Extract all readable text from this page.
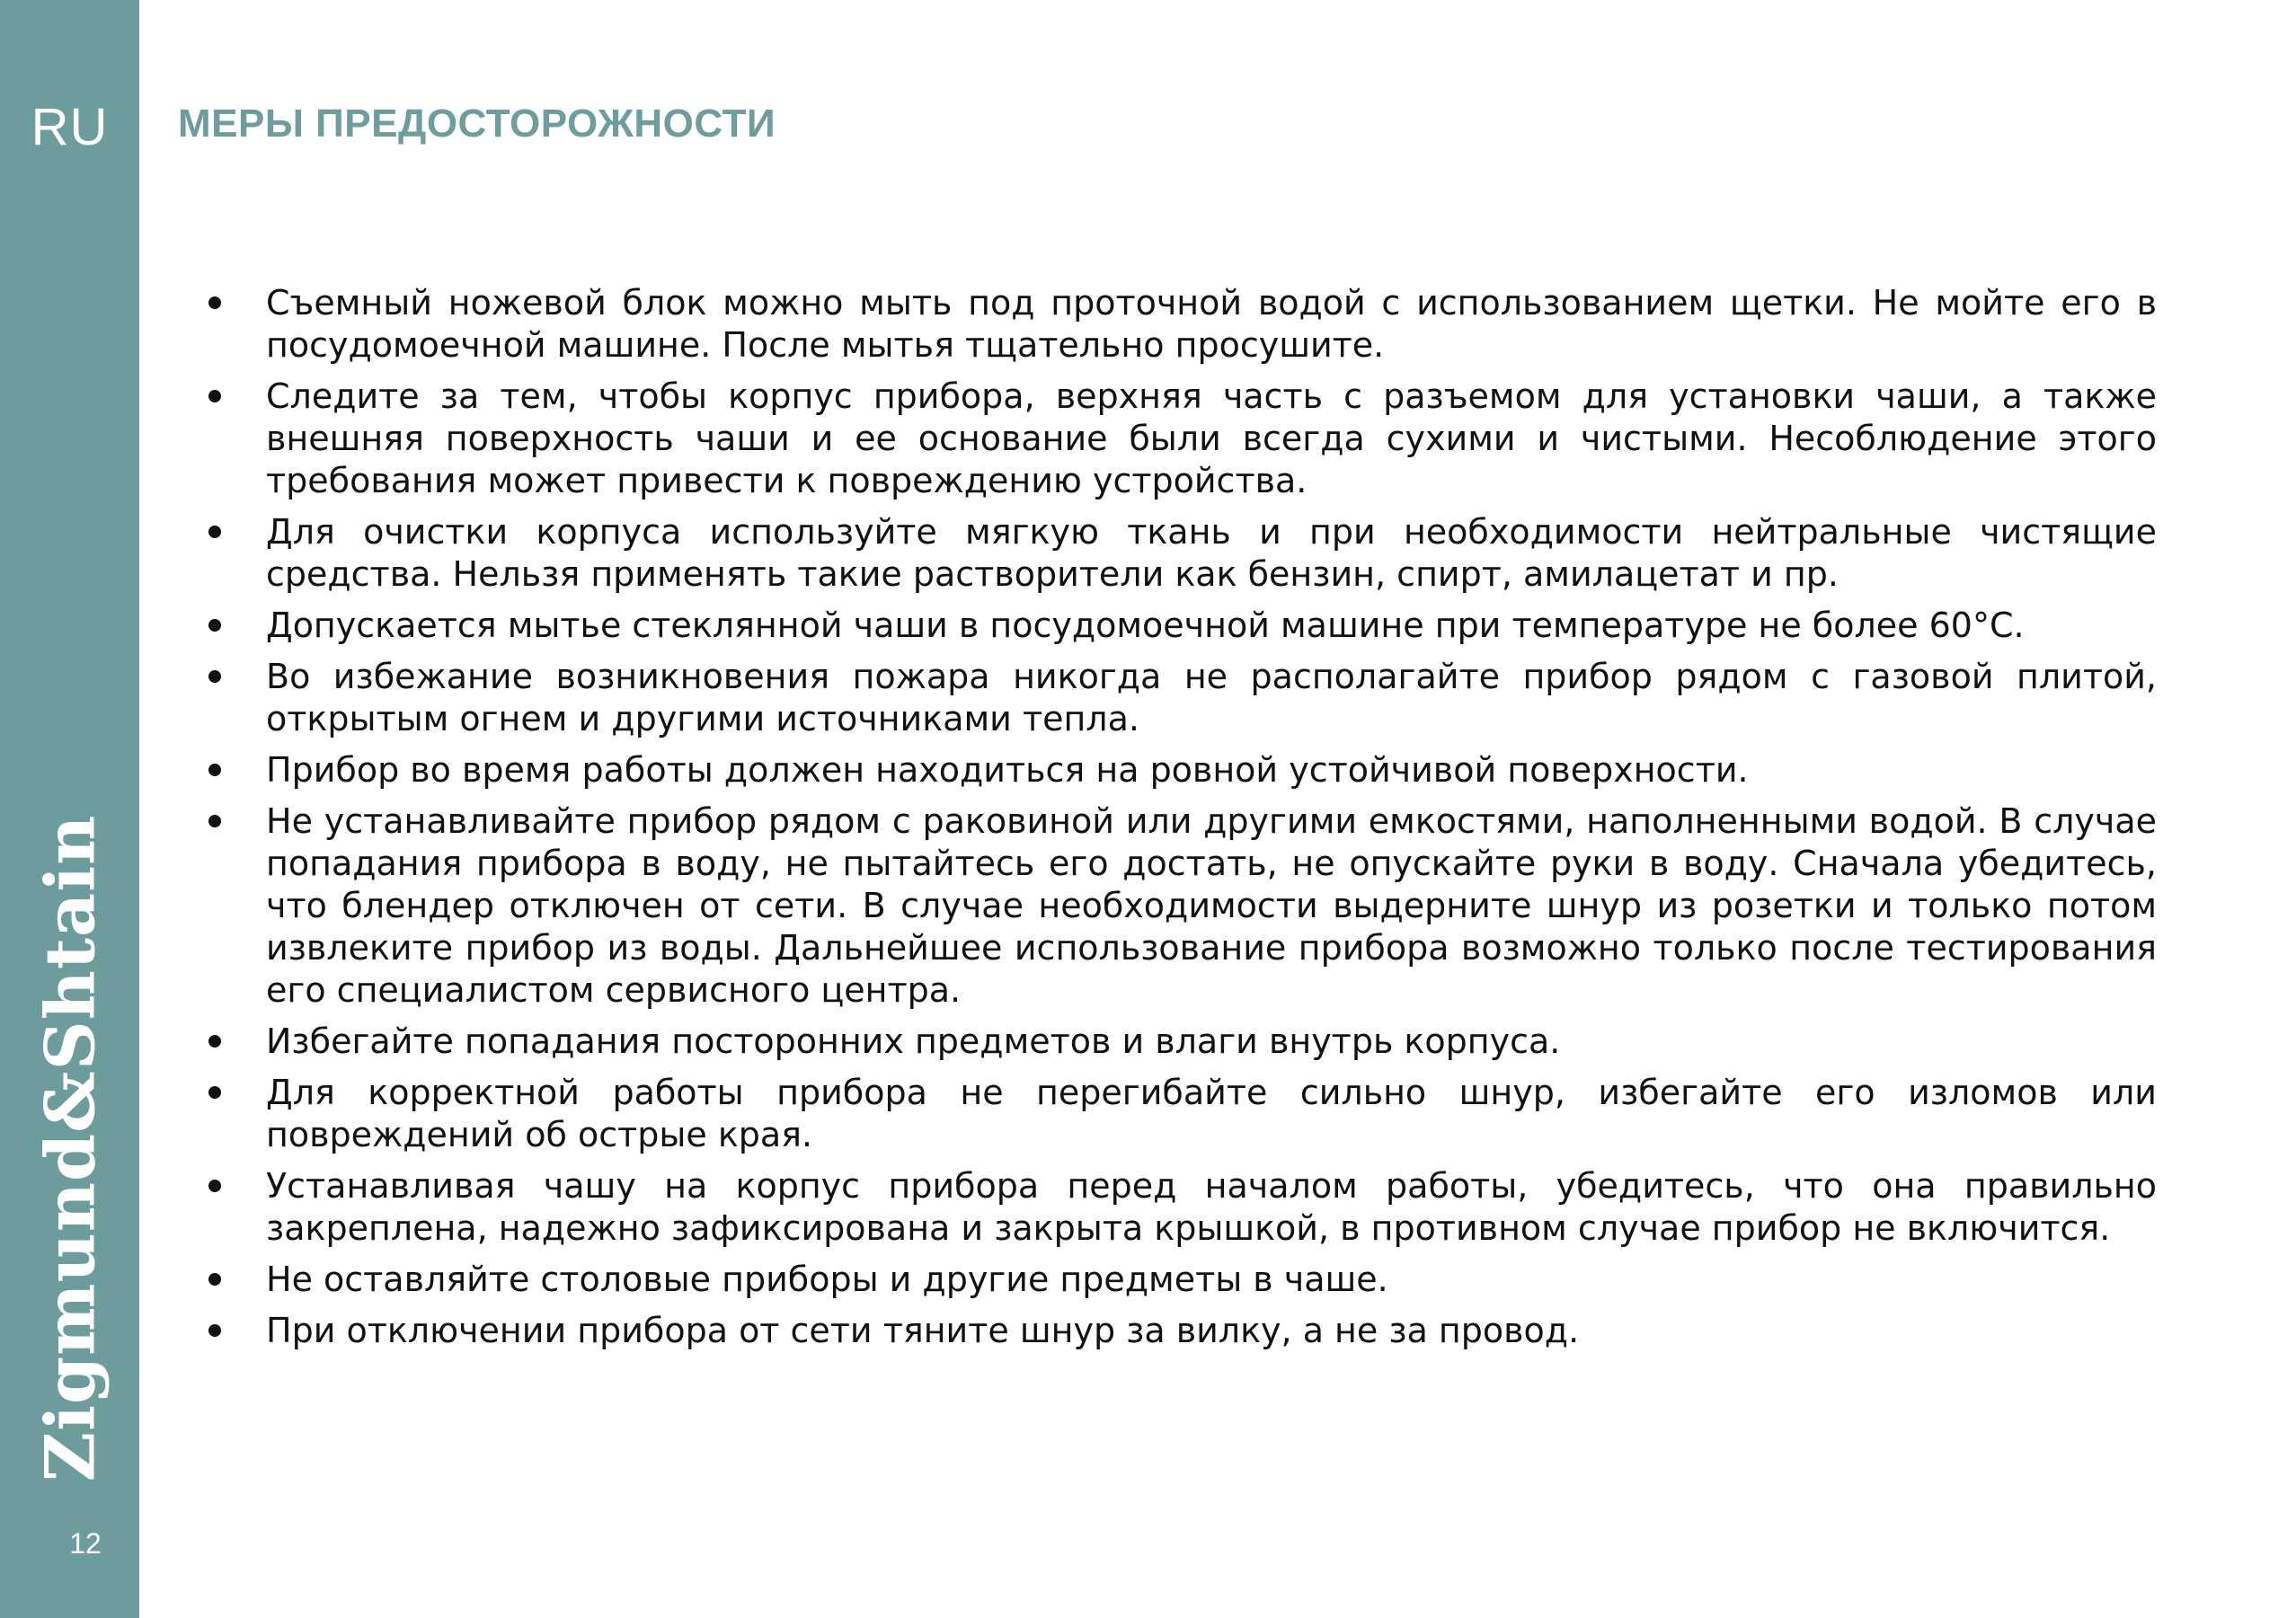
RU
Zigmund&Shtain
12
МЕРЫ ПРЕДОСТОРОЖНОСТИ
Съемный ножевой блок можно мыть под проточной водой с использованием щетки. Не мойте его в посудомоечной машине. После мытья тщательно просушите.
Следите за тем, чтобы корпус прибора, верхняя часть с разъемом для установки чаши, а также внешняя поверхность чаши и ее основание были всегда сухими и чистыми. Несоблюдение этого требования может привести к повреждению устройства.
Для очистки корпуса используйте мягкую ткань и при необходимости нейтральные чистящие средства. Нельзя применять такие растворители как бензин, спирт, амилацетат и пр.
Допускается мытье стеклянной чаши в посудомоечной машине при температуре не более 60°С.
Во избежание возникновения пожара никогда не располагайте прибор рядом с газовой плитой, открытым огнем и другими источниками тепла.
Прибор во время работы должен находиться на ровной устойчивой поверхности.
Не устанавливайте прибор рядом с раковиной или другими емкостями, наполненными водой. В случае попадания прибора в воду, не пытайтесь его достать, не опускайте руки в воду. Сначала убедитесь, что блендер отключен от сети. В случае необходимости выдерните шнур из розетки и только потом извлеките прибор из воды. Дальнейшее использование прибора возможно только после тестирования его специалистом сервисного центра.
Избегайте попадания посторонних предметов и влаги внутрь корпуса.
Для корректной работы прибора не перегибайте сильно шнур, избегайте его изломов или повреждений об острые края.
Устанавливая чашу на корпус прибора перед началом работы, убедитесь, что она правильно закреплена, надежно зафиксирована и закрыта крышкой, в противном случае прибор не включится.
Не оставляйте столовые приборы и другие предметы в чаше.
При отключении прибора от сети тяните шнур за вилку, а не за провод.
